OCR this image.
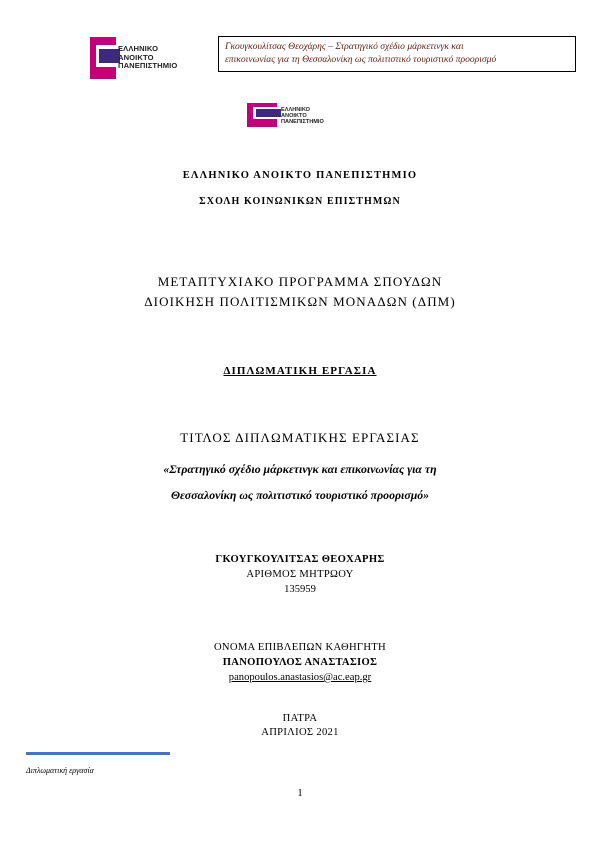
ΕΛΛΗΝΙΚΟ
ΑΝΟΙΚΤΟ
ΠΑΝΕΠΙΣΤΗΜΙΟ
Γκουγκουλίτσας Θεοχάρης – Στρατηγικό σχέδιο μάρκετινγκ και
επικοινωνίας για τη Θεσσαλονίκη ως πολιτιστικό τουριστικό προορισμό
ΕΛΛΗΝΙΚΟ
ΑΝΟΙΚΤΟ
ΠΑΝΕΠΙΣΤΗΜΙΟ
ΕΛΛΗΝΙΚΟ ΑΝΟΙΚΤΟ ΠΑΝΕΠΙΣΤΗΜΙΟ
ΣΧΟΛΗ ΚΟΙΝΩΝΙΚΩΝ ΕΠΙΣΤΗΜΩΝ
ΜΕΤΑΠΤΥΧΙΑΚΟ ΠΡΟΓΡΑΜΜΑ ΣΠΟΥΔΩΝ
ΔΙΟΙΚΗΣΗ ΠΟΛΙΤΙΣΜΙΚΩΝ ΜΟΝΑΔΩΝ (ΔΠΜ)
ΔΙΠΛΩΜΑΤΙΚΗ ΕΡΓΑΣΙΑ
ΤΙΤΛΟΣ ΔΙΠΛΩΜΑΤΙΚΗΣ ΕΡΓΑΣΙΑΣ
«Στρατηγικό σχέδιο μάρκετινγκ και επικοινωνίας για τη
Θεσσαλονίκη ως πολιτιστικό τουριστικό προορισμό»
ΓΚΟΥΓΚΟΥΛΙΤΣΑΣ ΘΕΟΧΑΡΗΣ
ΑΡΙΘΜΟΣ ΜΗΤΡΩΟΥ
135959
ΟΝΟΜΑ ΕΠΙΒΛΕΠΩΝ ΚΑΘΗΓΗΤΗ
ΠΑΝΟΠΟΥΛΟΣ ΑΝΑΣΤΑΣΙΟΣ
panopoulos.anastasios@ac.eap.gr
ΠΑΤΡΑ
ΑΠΡΙΛΙΟΣ 2021
Διπλωματική εργασία
1
